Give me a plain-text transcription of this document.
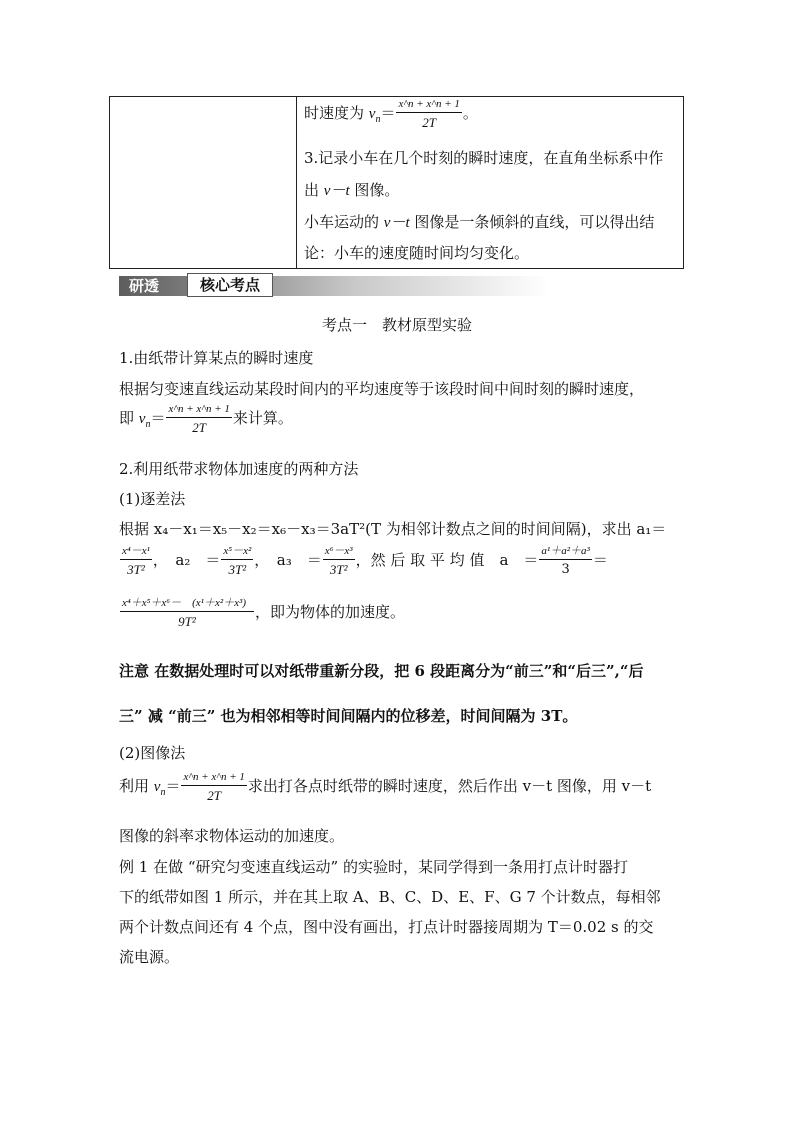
时速度为 $v_n= \frac{x\^{}n + x\^{}n + 1}{2T}$ 。
3.记录小车在几个时刻的瞬时速度，在直角坐标系中作
出 v－t 图像。
小车运动的 v－t 图像是一条倾斜的直线，可以得出结
论：小车的速度随时间均匀变化。
研透	核心考点
考点一　教材原型实验
1.由纸带计算某点的瞬时速度
根据匀变速直线运动某段时间内的平均速度等于该段时间中间时刻的瞬时速度，
即 $v_n= \frac{x\^{}n + x\^{}n + 1}{2T}$ 来计算。
2.利用纸带求物体加速度的两种方法
(1)逐差法
根据 x₄－x₁＝x₅－x₂＝x₆－x₃＝3aT²(T 为相邻计数点之间的时间间隔)，求出 a₁＝
$\frac{\text{x⁴－x¹}}{\text{3T²}}$ ，　a₂　＝ $\frac{\text{x⁵－x²}}{\text{3T²}}$ ，　a₃　＝ $\frac{\text{x⁶－x³}}{\text{3T²}}$ ，然 后 取 平 均 值　a　＝ $\frac{\text{a¹＋a²＋a³}}{3}$ ＝
$\frac{\text{x⁴＋x⁵＋x⁶－　(x¹＋x²＋x³)}}{\text{9T²}}$ ，即为物体的加速度。
注意 在数据处理时可以对纸带重新分段，把 6 段距离分为“前三”和“后三”,“后
三” 减 “前三” 也为相邻相等时间间隔内的位移差，时间间隔为 3T。
(2)图像法
利用 $v_n= \frac{x\^{}n + x\^{}n + 1}{2T}$ 求出打各点时纸带的瞬时速度，然后作出 v－t 图像，用 v－t
图像的斜率求物体运动的加速度。
例 1 在做 “研究匀变速直线运动” 的实验时，某同学得到一条用打点计时器打
下的纸带如图 1 所示，并在其上取 A、B、C、D、E、F、G 7 个计数点，每相邻
两个计数点间还有 4 个点，图中没有画出，打点计时器接周期为 T＝0.02 s 的交
流电源。
